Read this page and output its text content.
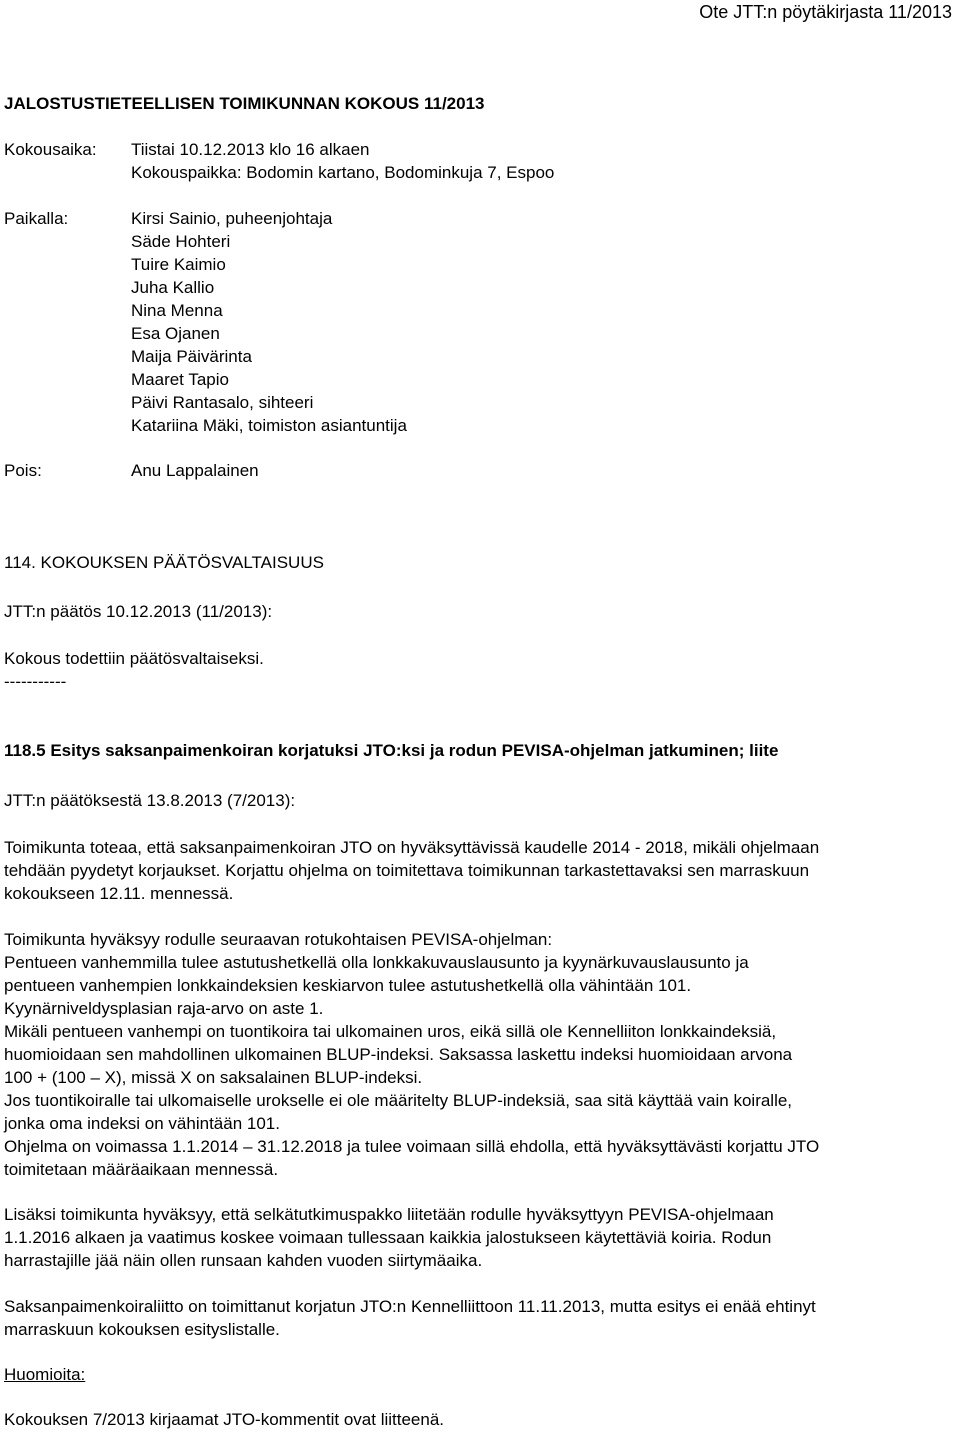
Ote JTT:n pöytäkirjasta 11/2013
JALOSTUSTIETEELLISEN TOIMIKUNNAN KOKOUS 11/2013
Kokousaika: Tiistai 10.12.2013 klo 16 alkaen
Kokouspaikka: Bodomin kartano, Bodominkuja 7, Espoo
Paikalla:	Kirsi Sainio, puheenjohtaja
Säde Hohteri
Tuire Kaimio
Juha Kallio
Nina Menna
Esa Ojanen
Maija Päivärinta
Maaret Tapio
Päivi Rantasalo, sihteeri
Katariina Mäki, toimiston asiantuntija
Pois:	Anu Lappalainen
114. KOKOUKSEN PÄÄTÖSVALTAISUUS
JTT:n päätös 10.12.2013 (11/2013):
Kokous todettiin päätösvaltaiseksi.
-----------
118.5 Esitys saksanpaimenkoiran korjatuksi JTO:ksi ja rodun PEVISA-ohjelman jatkuminen; liite
JTT:n päätöksestä 13.8.2013 (7/2013):
Toimikunta toteaa, että saksanpaimenkoiran JTO on hyväksyttävissä kaudelle 2014 - 2018, mikäli ohjelmaan
tehdään pyydetyt korjaukset. Korjattu ohjelma on toimitettava toimikunnan tarkastettavaksi sen marraskuun
kokoukseen 12.11. mennessä.
Toimikunta hyväksyy rodulle seuraavan rotukohtaisen PEVISA-ohjelman:
Pentueen vanhemmilla tulee astutushetkellä olla lonkkakuvauslausunto ja kyynärkuvauslausunto ja
pentueen vanhempien lonkkaindeksien keskiarvon tulee astutushetkellä olla vähintään 101.
Kyynärniveldysplasian raja-arvo on aste 1.
Mikäli pentueen vanhempi on tuontikoira tai ulkomainen uros, eikä sillä ole Kennelliiton lonkkaindeksiä,
huomioidaan sen mahdollinen ulkomainen BLUP-indeksi. Saksassa laskettu indeksi huomioidaan arvona
100 + (100 – X), missä X on saksalainen BLUP-indeksi.
Jos tuontikoiralle tai ulkomaiselle urokselle ei ole määritelty BLUP-indeksiä, saa sitä käyttää vain koiralle,
jonka oma indeksi on vähintään 101.
Ohjelma on voimassa 1.1.2014 – 31.12.2018 ja tulee voimaan sillä ehdolla, että hyväksyttävästi korjattu JTO
toimitetaan määräaikaan mennessä.
Lisäksi toimikunta hyväksyy, että selkätutkimuspakko liitetään rodulle hyväksyttyyn PEVISA-ohjelmaan
1.1.2016 alkaen ja vaatimus koskee voimaan tullessaan kaikkia jalostukseen käytettäviä koiria. Rodun
harrastajille jää näin ollen runsaan kahden vuoden siirtymäaika.
Saksanpaimenkoiraliitto on toimittanut korjatun JTO:n Kennelliittoon 11.11.2013, mutta esitys ei enää ehtinyt
marraskuun kokouksen esityslistalle.
Huomioita:
Kokouksen 7/2013 kirjaamat JTO-kommentit ovat liitteenä.
